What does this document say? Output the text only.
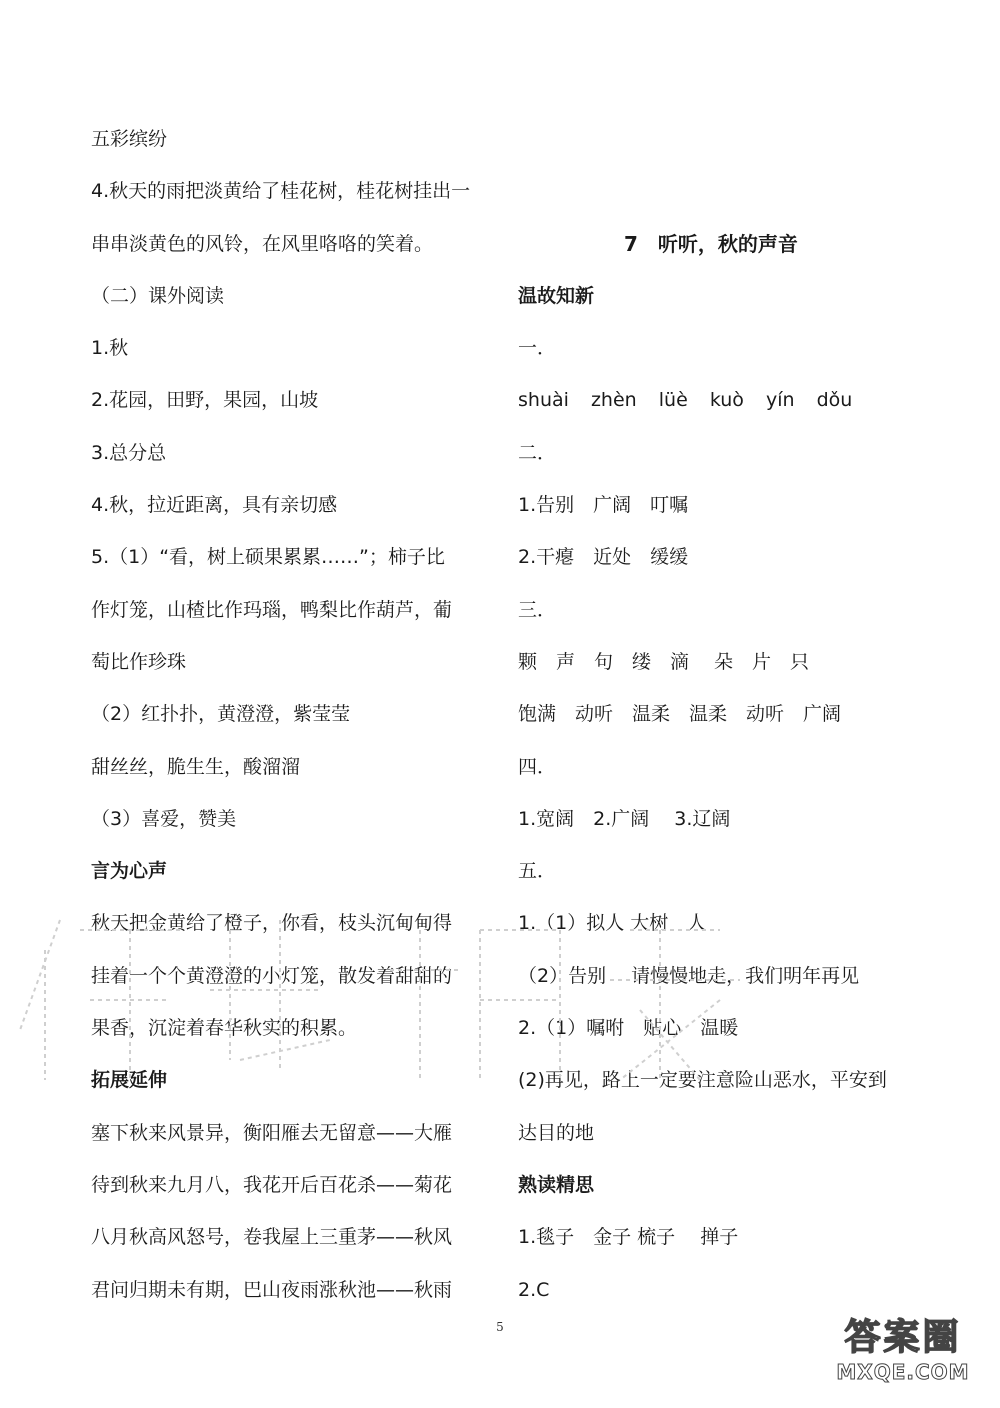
五彩缤纷
4.秋天的雨把淡黄给了桂花树，桂花树挂出一
串串淡黄色的风铃，在风里咯咯的笑着。
（二）课外阅读
1.秋
2.花园，田野，果园，山坡
3.总分总
4.秋，拉近距离，具有亲切感
5.（1）“看，树上硕果累累……”；柿子比
作灯笼，山楂比作玛瑙，鸭梨比作葫芦，葡
萄比作珍珠
（2）红扑扑，黄澄澄，紫莹莹
甜丝丝，脆生生，酸溜溜
（3）喜爱，赞美
言为心声
秋天把金黄给了橙子，你看，枝头沉甸甸得
挂着一个个黄澄澄的小灯笼，散发着甜甜的
果香，沉淀着春华秋实的积累。
拓展延伸
塞下秋来风景异，衡阳雁去无留意——大雁
待到秋来九月八，我花开后百花杀——菊花
八月秋高风怒号，卷我屋上三重茅——秋风
君问归期未有期，巴山夜雨涨秋池——秋雨
7　听听，秋的声音
温故知新
一．
shuài zhèn lüè kuò yín dǒu
二．
1.告别　广阔　叮嘱
2.干瘪　近处　缓缓
三．
颗　声　句　缕　滴　 朵　片　只
饱满　动听　温柔　温柔　动听　广阔
四．
1.宽阔　2.广阔　 3.辽阔
五．
1.（1）拟人 大树　人
（2）告别　 请慢慢地走，我们明年再见
2.（1）嘱咐　贴心　温暖
(2)再见，路上一定要注意险山恶水，平安到
达目的地
熟读精思
1.毯子　金子 梳子　 掸子
2.C
5	答案圈
MXQE.COM
